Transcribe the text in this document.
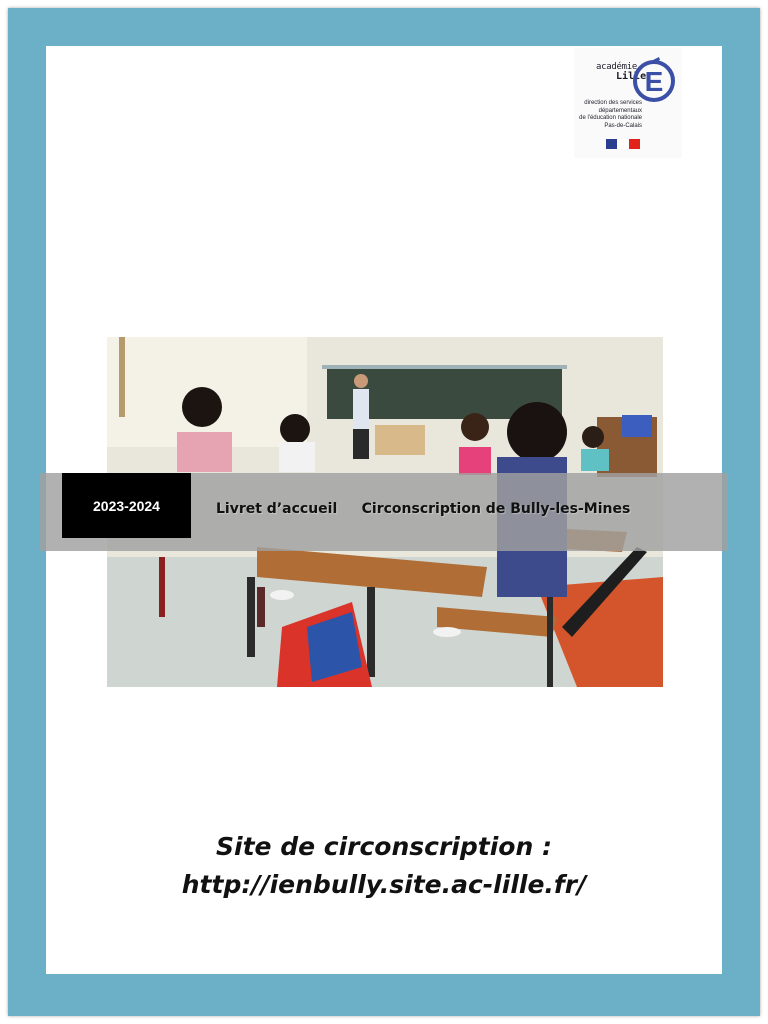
académie
Lille
E
direction des services
départementaux
de l'éducation nationale
Pas-de-Calais
2023-2024	Livret d’accueil Circonscription de Bully-les-Mines
Site de circonscription :
http://ienbully.site.ac-lille.fr/
